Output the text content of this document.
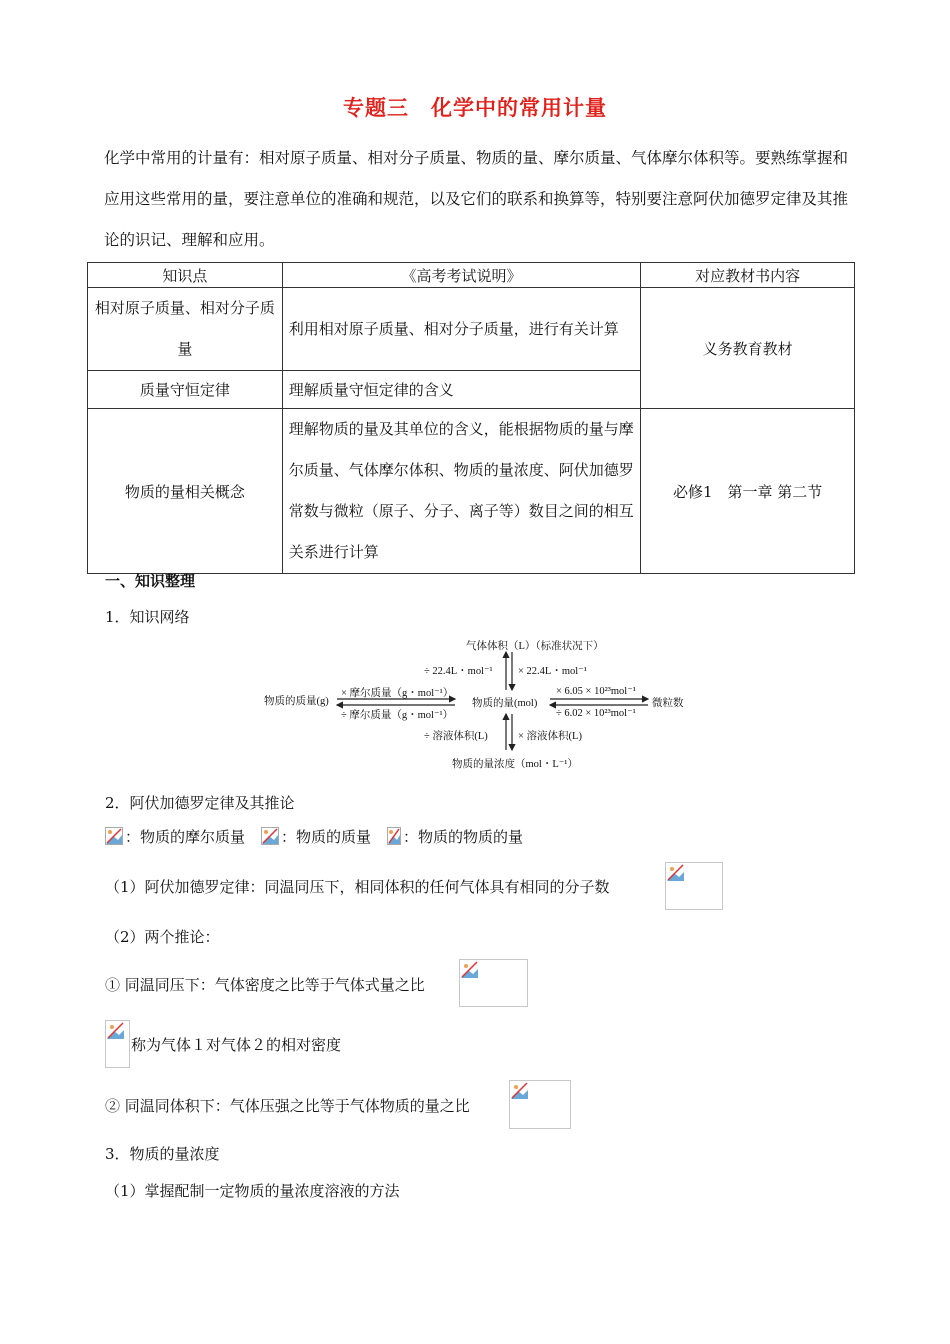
专题三　化学中的常用计量
化学中常用的计量有：相对原子质量、相对分子质量、物质的量、摩尔质量、气体摩尔体积等。要熟练掌握和应用这些常用的量，要注意单位的准确和规范，以及它们的联系和换算等，特别要注意阿伏加德罗定律及其推论的识记、理解和应用。
知识点	《高考考试说明》	对应教材书内容
相对原子质量、相对分子质量	利用相对原子质量、相对分子质量，进行有关计算	义务教育教材
质量守恒定律	理解质量守恒定律的含义	
物质的量相关概念	理解物质的量及其单位的含义，能根据物质的量与摩尔质量、气体摩尔体积、物质的量浓度、阿伏加德罗常数与微粒（原子、分子、离子等）数目之间的相互关系进行计算	必修1　第一章 第二节
一、知识整理
1．知识网络
气体体积（L）（标准状况下）
物质的质量(g)	物质的量(mol)	微粒数
物质的量浓度（mol・L⁻¹）
× 摩尔质量（g・mol⁻¹）
÷ 摩尔质量（g・mol⁻¹）
÷ 22.4L・mol⁻¹ × 22.4L・mol⁻¹
× 6.05 × 10²³mol⁻¹
÷ 6.02 × 10²³mol⁻¹
÷ 溶液体积(L)	× 溶液体积(L)
2．阿伏加德罗定律及其推论
：物质的摩尔质量 ：物质的质量 ：物质的物质的量
（1）阿伏加德罗定律：同温同压下，相同体积的任何气体具有相同的分子数
（2）两个推论：
① 同温同压下：气体密度之比等于气体式量之比
称为气体１对气体２的相对密度
② 同温同体积下：气体压强之比等于气体物质的量之比
3．物质的量浓度
（1）掌握配制一定物质的量浓度溶液的方法
